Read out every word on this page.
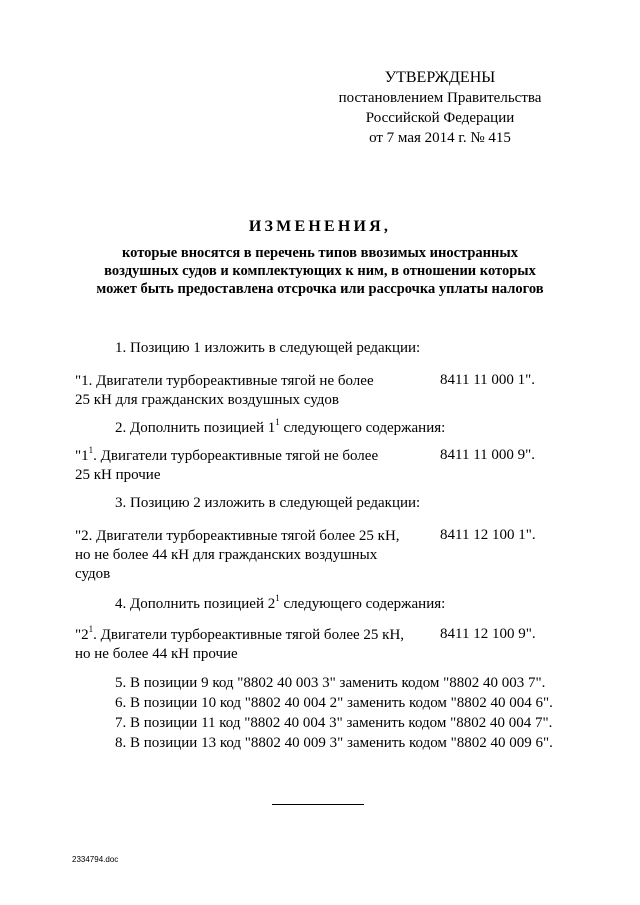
УТВЕРЖДЕНЫ
постановлением Правительства
Российской Федерации
от 7 мая 2014 г. № 415
ИЗМЕНЕНИЯ,
которые вносятся в перечень типов ввозимых иностранных
воздушных судов и комплектующих к ним, в отношении которых
может быть предоставлена отсрочка или рассрочка уплаты налогов
1. Позицию 1 изложить в следующей редакции:
"1. Двигатели турбореактивные тягой не более
25 кН для гражданских воздушных судов
8411 11 000 1".
2. Дополнить позицией $1^1$ следующего содержания:
"$1^1$. Двигатели турбореактивные тягой не более
25 кН прочие
8411 11 000 9".
3. Позицию 2 изложить в следующей редакции:
"2. Двигатели турбореактивные тягой более 25 кН,
но не более 44 кН для гражданских воздушных
судов
8411 12 100 1".
4. Дополнить позицией $2^1$ следующего содержания:
"$2^1$. Двигатели турбореактивные тягой более 25 кН,
но не более 44 кН прочие
8411 12 100 9".
5. В позиции 9 код "8802 40 003 3" заменить кодом "8802 40 003 7".
6. В позиции 10 код "8802 40 004 2" заменить кодом "8802 40 004 6".
7. В позиции 11 код "8802 40 004 3" заменить кодом "8802 40 004 7".
8. В позиции 13 код "8802 40 009 3" заменить кодом "8802 40 009 6".
2334794.doc
